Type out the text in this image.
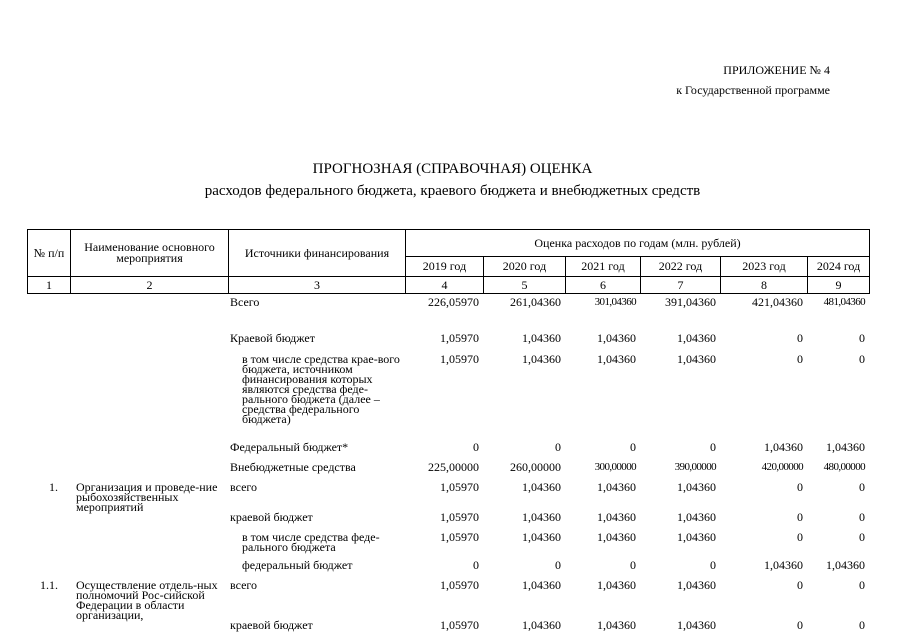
ПРИЛОЖЕНИЕ № 4
к Государственной программе
ПРОГНОЗНАЯ (СПРАВОЧНАЯ) ОЦЕНКА
расходов федерального бюджета, краевого бюджета и внебюджетных средств
№ п/п	Наименование основного мероприятия	Источники финансирования	Оценка расходов по годам (млн. рублей)					
			2019 год	2020 год	2021 год	2022 год	2023 год	2024 год
1	2	3	4	5	6	7	8	9
		Всего	226,05970	261,04360	301,04360	391,04360	421,04360	481,04360
		Краевой бюджет	1,05970	1,04360	1,04360	1,04360	0	0
		в том числе средства крае-вого бюджета, источником финансирования которых являются средства феде-рального бюджета (далее – средства федерального бюджета)	1,05970	1,04360	1,04360	1,04360	0	0
		Федеральный бюджет*	0	0	0	0	1,04360	1,04360
		Внебюджетные средства	225,00000	260,00000	300,00000	390,00000	420,00000	480,00000
1.	Организация и проведе-ние рыбохозяйственных мероприятий	всего	1,05970	1,04360	1,04360	1,04360	0	0
		краевой бюджет	1,05970	1,04360	1,04360	1,04360	0	0
		в том числе средства феде-рального бюджета	1,05970	1,04360	1,04360	1,04360	0	0
		федеральный бюджет	0	0	0	0	1,04360	1,04360
1.1.	Осуществление отдель-ных полномочий Рос-сийской Федерации в области организации,	всего	1,05970	1,04360	1,04360	1,04360	0	0
		краевой бюджет	1,05970	1,04360	1,04360	1,04360	0	0
